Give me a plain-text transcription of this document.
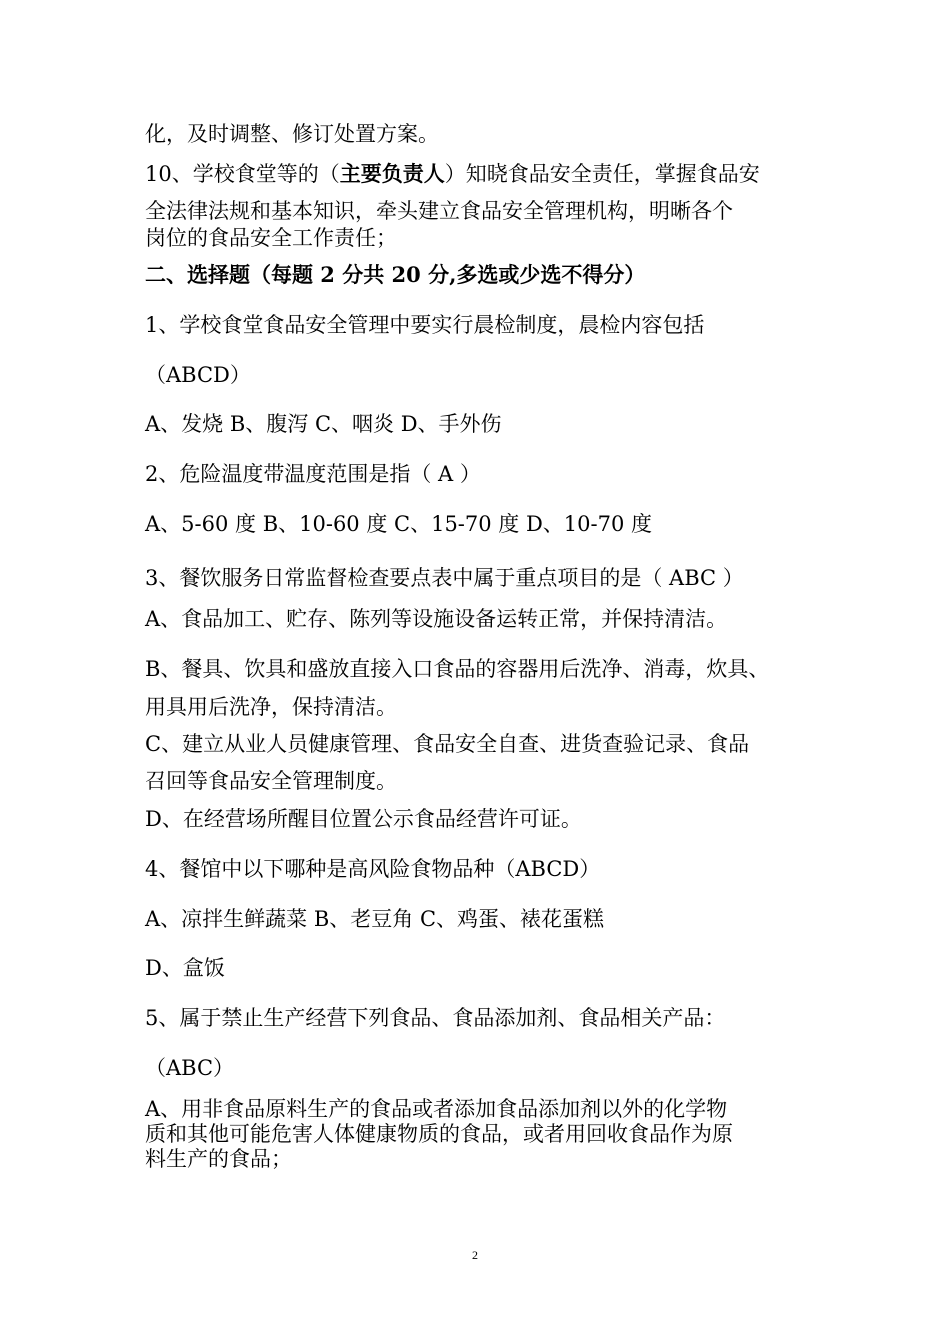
化，及时调整、修订处置方案。
10、学校食堂等的（主要负责人）知晓食品安全责任，掌握食品安
全法律法规和基本知识，牵头建立食品安全管理机构，明晰各个
岗位的食品安全工作责任；
二、选择题（每题 2 分共 20 分,多选或少选不得分）
1、学校食堂食品安全管理中要实行晨检制度，晨检内容包括
（ABCD）
A、发烧 B、腹泻 C、咽炎 D、手外伤
2、危险温度带温度范围是指（ A ）
A、5-60 度 B、10-60 度 C、15-70 度 D、10-70 度
3、餐饮服务日常监督检查要点表中属于重点项目的是（ ABC ）
A、食品加工、贮存、陈列等设施设备运转正常，并保持清洁。
B、餐具、饮具和盛放直接入口食品的容器用后洗净、消毒，炊具、
用具用后洗净，保持清洁。
C、建立从业人员健康管理、食品安全自查、进货查验记录、食品
召回等食品安全管理制度。
D、在经营场所醒目位置公示食品经营许可证。
4、餐馆中以下哪种是高风险食物品种（ABCD）
A、凉拌生鲜蔬菜 B、老豆角 C、鸡蛋、裱花蛋糕
D、盒饭
5、属于禁止生产经营下列食品、食品添加剂、食品相关产品：
（ABC）
A、用非食品原料生产的食品或者添加食品添加剂以外的化学物
质和其他可能危害人体健康物质的食品，或者用回收食品作为原
料生产的食品；
2
